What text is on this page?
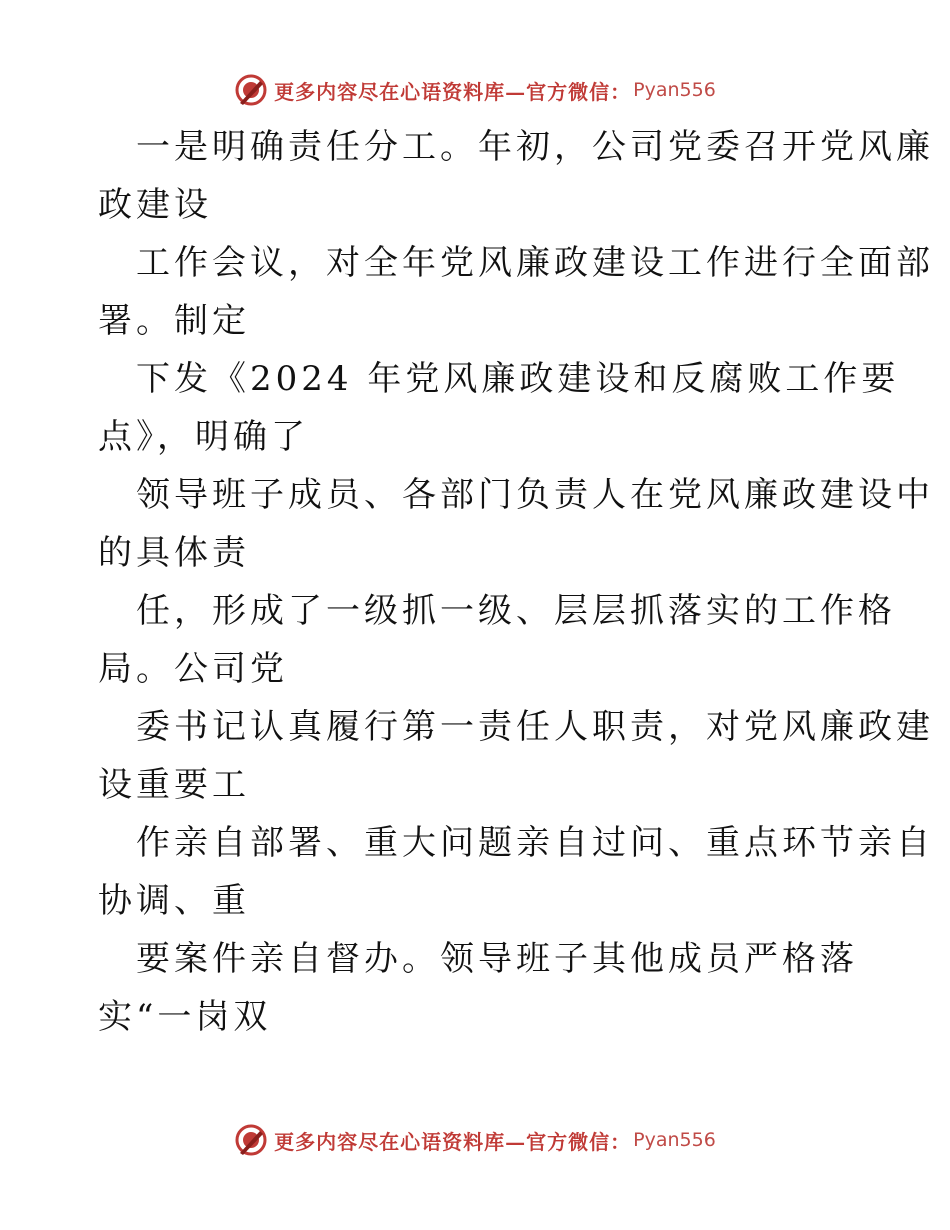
更多内容尽在心语资料库—官方微信： Pyan556
一是明确责任分工。年初，公司党委召开党风廉
政建设
工作会议，对全年党风廉政建设工作进行全面部
署。制定
下发《2024 年党风廉政建设和反腐败工作要
点》，明确了
领导班子成员、各部门负责人在党风廉政建设中
的具体责
任，形成了一级抓一级、层层抓落实的工作格
局。公司党
委书记认真履行第一责任人职责，对党风廉政建
设重要工
作亲自部署、重大问题亲自过问、重点环节亲自
协调、重
要案件亲自督办。领导班子其他成员严格落
实“一岗双
更多内容尽在心语资料库—官方微信： Pyan556
